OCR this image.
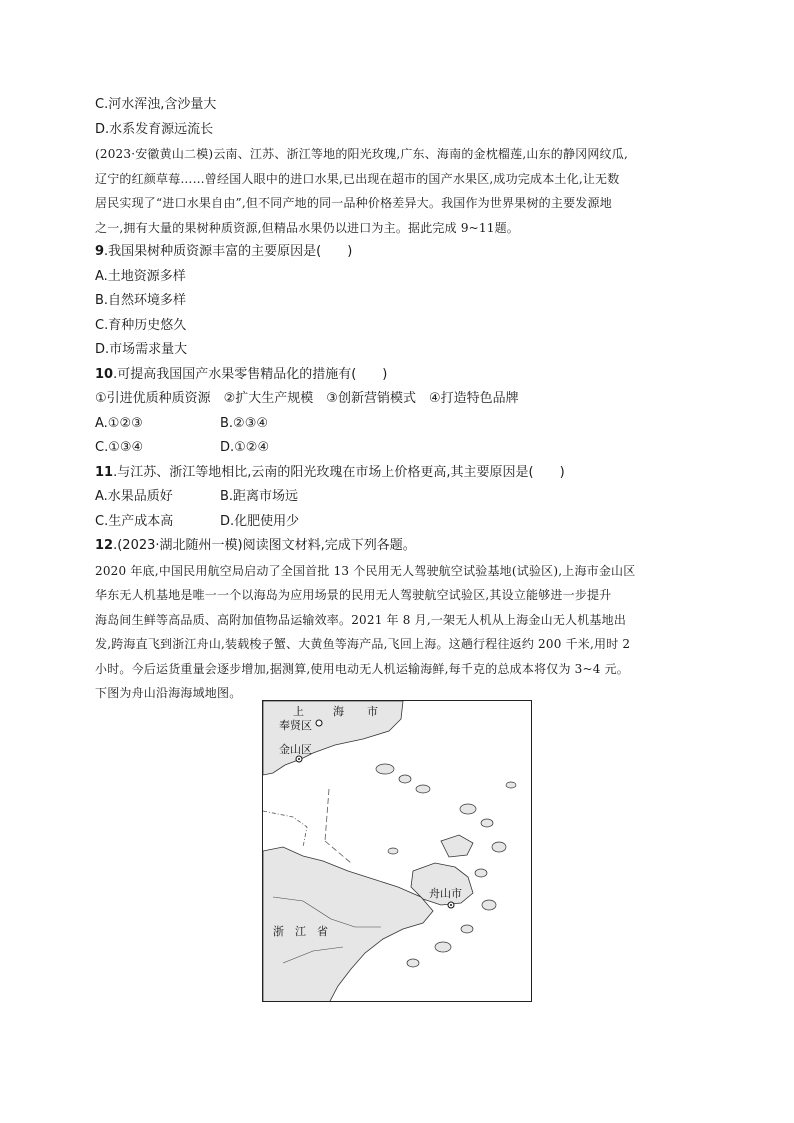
C.河水浑浊,含沙量大
D.水系发育源远流长
(2023·安徽黄山二模)云南、江苏、浙江等地的阳光玫瑰,广东、海南的金枕榴莲,山东的静冈网纹瓜,
辽宁的红颜草莓……曾经国人眼中的进口水果,已出现在超市的国产水果区,成功完成本土化,让无数
居民实现了“进口水果自由”,但不同产地的同一品种价格差异大。我国作为世界果树的主要发源地
之一,拥有大量的果树种质资源,但精品水果仍以进口为主。据此完成 9~11题。
9.我国果树种质资源丰富的主要原因是(　　)
A.土地资源多样
B.自然环境多样
C.育种历史悠久
D.市场需求量大
10.可提高我国国产水果零售精品化的措施有(　　)
①引进优质种质资源　②扩大生产规模　③创新营销模式　④打造特色品牌
A.①②③	B.②③④
C.①③④	D.①②④
11.与江苏、浙江等地相比,云南的阳光玫瑰在市场上价格更高,其主要原因是(　　)
A.水果品质好	B.距离市场远
C.生产成本高	D.化肥使用少
12.(2023·湖北随州一模)阅读图文材料,完成下列各题。
2020 年底,中国民用航空局启动了全国首批 13 个民用无人驾驶航空试验基地(试验区),上海市金山区
华东无人机基地是唯一一个以海岛为应用场景的民用无人驾驶航空试验区,其设立能够进一步提升
海岛间生鲜等高品质、高附加值物品运输效率。2021 年 8 月,一架无人机从上海金山无人机基地出
发,跨海直飞到浙江舟山,装载梭子蟹、大黄鱼等海产品,飞回上海。这趟行程往返约 200 千米,用时 2
小时。今后运货重量会逐步增加,据测算,使用电动无人机运输海鲜,每千克的总成本将仅为 3~4 元。
下图为舟山沿海海域地图。
上	海 市
奉贤区
金山区
舟山市
浙　江　省
